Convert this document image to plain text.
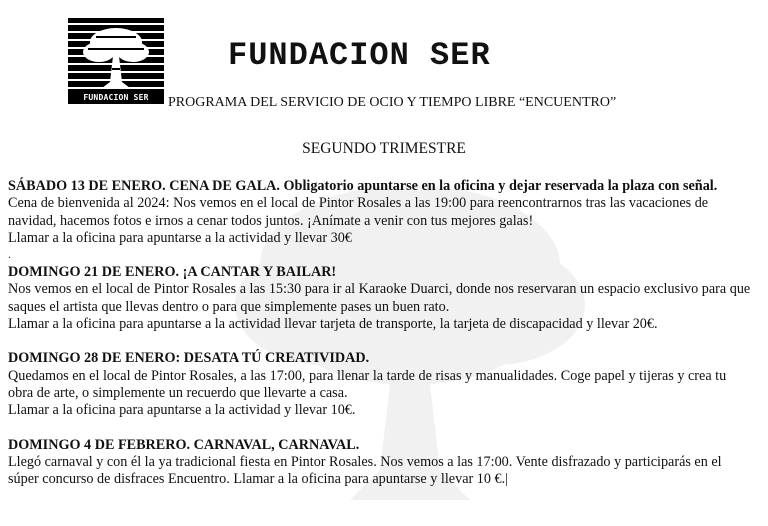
FUNDACION SER
FUNDACION SER
PROGRAMA DEL SERVICIO DE OCIO Y TIEMPO LIBRE “ENCUENTRO”
SEGUNDO TRIMESTRE

SÁBADO 13 DE ENERO. CENA DE GALA. Obligatorio apuntarse en la oficina y dejar reservada la plaza con señal.

Cena de bienvenida al 2024: Nos vemos en el local de Pintor Rosales a las 19:00 para reencontrarnos tras las vacaciones de navidad, hacemos fotos e irnos a cenar todos juntos. ¡Anímate a venir con tus mejores galas!

Llamar a la oficina para apuntarse a la actividad y llevar 30€

.

DOMINGO 21 DE ENERO. ¡A CANTAR Y BAILAR!

Nos vemos en el local de Pintor Rosales a las 15:30 para ir al Karaoke Duarci, donde nos reservaran un espacio exclusivo para que saques el artista que llevas dentro o para que simplemente pases un buen rato.

Llamar a la oficina para apuntarse a la actividad llevar tarjeta de transporte, la tarjeta de discapacidad y llevar 20€.

DOMINGO 28 DE ENERO: DESATA TÚ CREATIVIDAD.

Quedamos en el local de Pintor Rosales, a las 17:00, para llenar la tarde de risas y manualidades. Coge papel y tijeras y crea tu obra de arte, o simplemente un recuerdo que llevarte a casa.

Llamar a la oficina para apuntarse a la actividad y llevar 10€.

DOMINGO 4 DE FEBRERO. CARNAVAL, CARNAVAL.

Llegó carnaval y con él la ya tradicional fiesta en Pintor Rosales. Nos vemos a las 17:00. Vente disfrazado y participarás en el súper concurso de disfraces Encuentro. Llamar a la oficina para apuntarse y llevar 10 €.|
